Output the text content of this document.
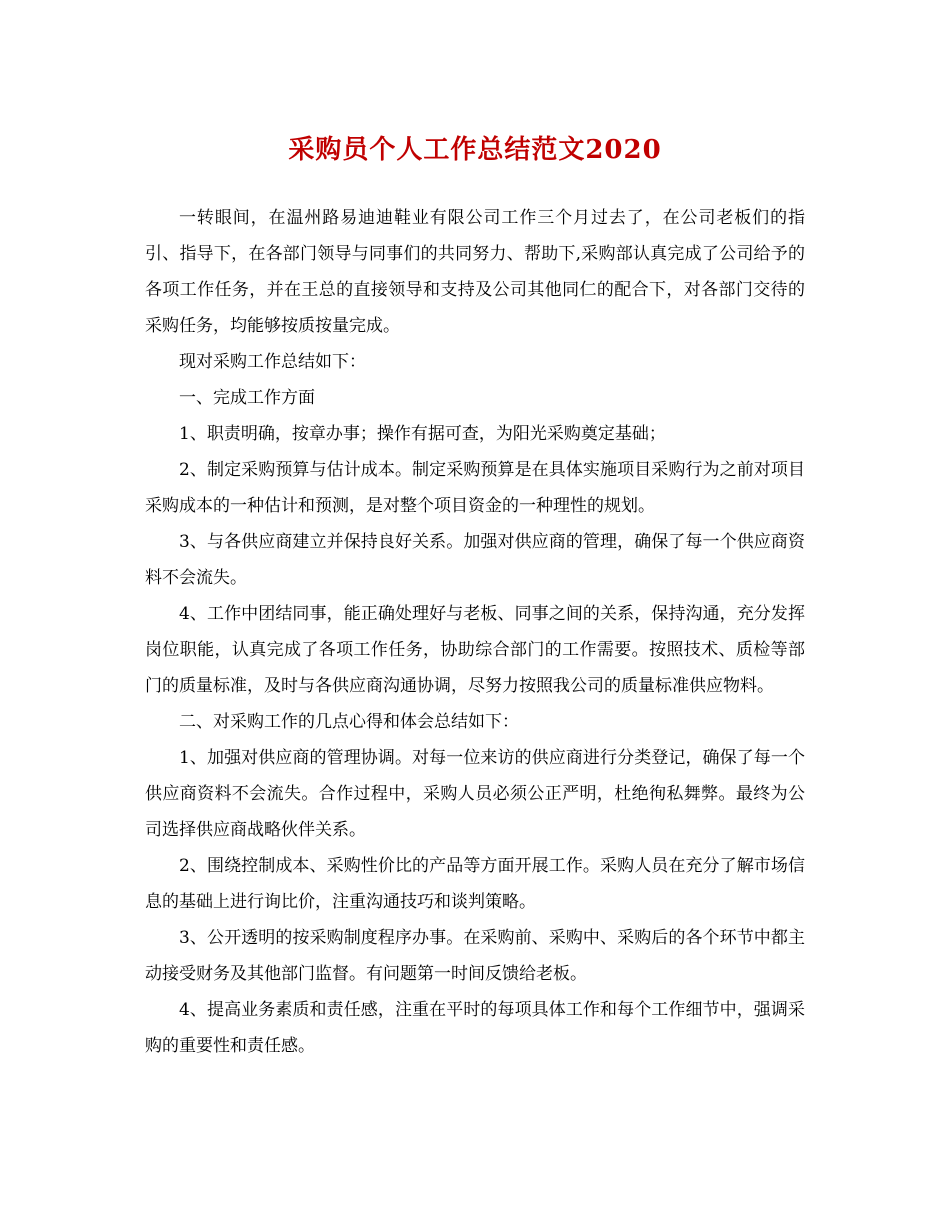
采购员个人工作总结范文2020

一转眼间，在温州路易迪迪鞋业有限公司工作三个月过去了，在公司老板们的指引、指导下，在各部门领导与同事们的共同努力、帮助下,采购部认真完成了公司给予的各项工作任务，并在王总的直接领导和支持及公司其他同仁的配合下，对各部门交待的采购任务，均能够按质按量完成。

现对采购工作总结如下：

一、完成工作方面

1、职责明确，按章办事；操作有据可查，为阳光采购奠定基础；

2、制定采购预算与估计成本。制定采购预算是在具体实施项目采购行为之前对项目采购成本的一种估计和预测，是对整个项目资金的一种理性的规划。

3、与各供应商建立并保持良好关系。加强对供应商的管理，确保了每一个供应商资料不会流失。

4、工作中团结同事，能正确处理好与老板、同事之间的关系，保持沟通，充分发挥岗位职能，认真完成了各项工作任务，协助综合部门的工作需要。按照技术、质检等部门的质量标准，及时与各供应商沟通协调，尽努力按照我公司的质量标准供应物料。

二、对采购工作的几点心得和体会总结如下：

1、加强对供应商的管理协调。对每一位来访的供应商进行分类登记，确保了每一个供应商资料不会流失。合作过程中，采购人员必须公正严明，杜绝徇私舞弊。最终为公司选择供应商战略伙伴关系。

2、围绕控制成本、采购性价比的产品等方面开展工作。采购人员在充分了解市场信息的基础上进行询比价，注重沟通技巧和谈判策略。

3、公开透明的按采购制度程序办事。在采购前、采购中、采购后的各个环节中都主动接受财务及其他部门监督。有问题第一时间反馈给老板。

4、提高业务素质和责任感，注重在平时的每项具体工作和每个工作细节中，强调采购的重要性和责任感。
